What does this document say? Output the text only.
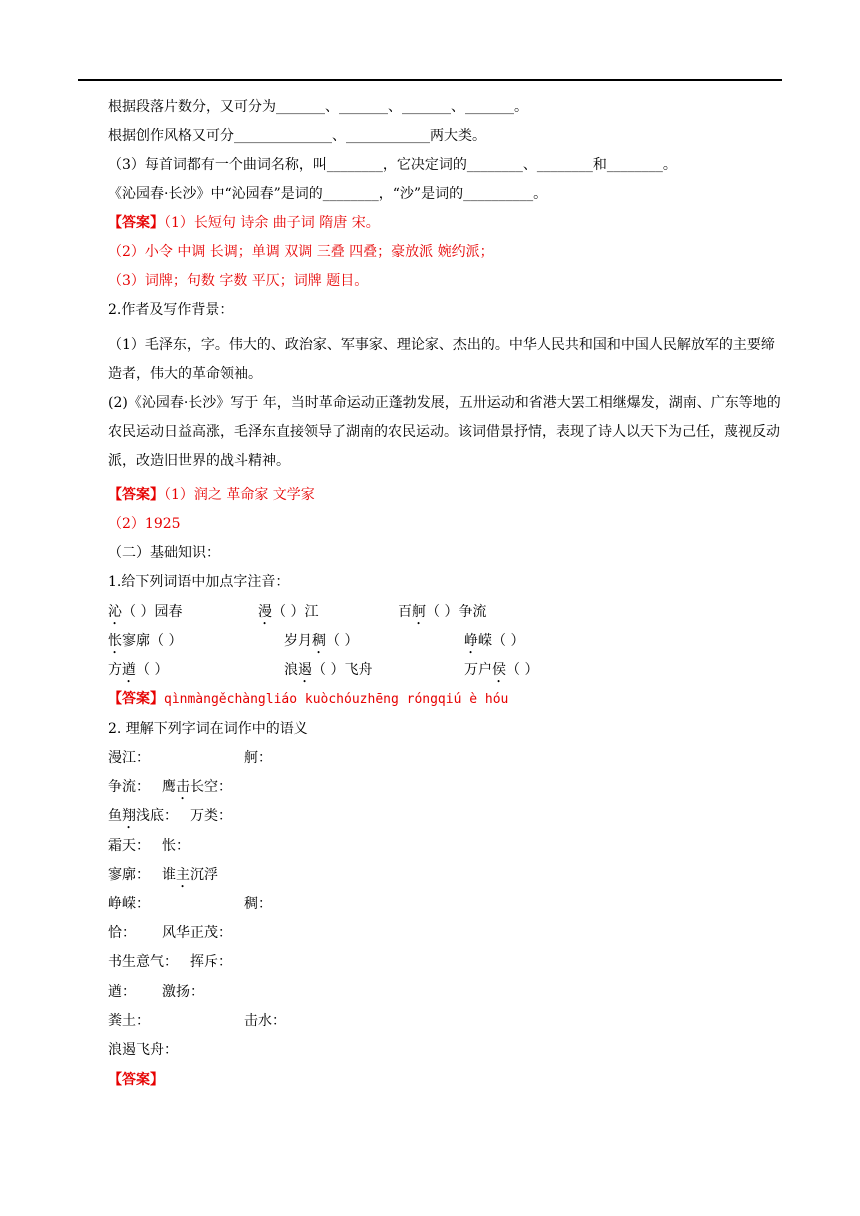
根据段落片数分，又可分为_______、_______、_______、_______。
根据创作风格又可分______________、____________两大类。
（3）每首词都有一个曲词名称，叫________，它决定词的________、________和________。
《沁园春·长沙》中“沁园春”是词的________，“沙”是词的__________。
【答案】（1）长短句 诗余 曲子词 隋唐 宋。
（2）小令 中调 长调；单调 双调 三叠 四叠；豪放派 婉约派；
（3）词牌；句数 字数 平仄；词牌 题目。
2.作者及写作背景：
（1）毛泽东，字。伟大的、政治家、军事家、理论家、杰出的。中华人民共和国和中国人民解放军的主要缔造者，伟大的革命领袖。
(2)《沁园春·长沙》写于 年，当时革命运动正蓬勃发展，五卅运动和省港大罢工相继爆发，湖南、广东等地的农民运动日益高涨，毛泽东直接领导了湖南的农民运动。该词借景抒情，表现了诗人以天下为己任，蔑视反动派，改造旧世界的战斗精神。
【答案】（1）润之 革命家 文学家
（2）1925
（二）基础知识：
1.给下列词语中加点字注音：
沁（ ）园春	漫（ ）江	百舸（ ）争流
怅寥廓（ ）	岁月稠（ ）	峥嵘（ ）
方遒（ ）	浪遏（ ）飞舟	万户侯（ ）
【答案】qìnmàngěchàngliáo kuòchóuzhēng róngqiú è hóu
2. 理解下列字词在词作中的语义
漫江：	舸：
争流： 鹰击长空：
鱼翔浅底： 万类：
霜天： 怅：
寥廓： 谁主沉浮
峥嵘：	稠：
恰： 风华正茂：
书生意气： 挥斥：
遒： 激扬：
粪土：	击水：
浪遏飞舟：
【答案】
